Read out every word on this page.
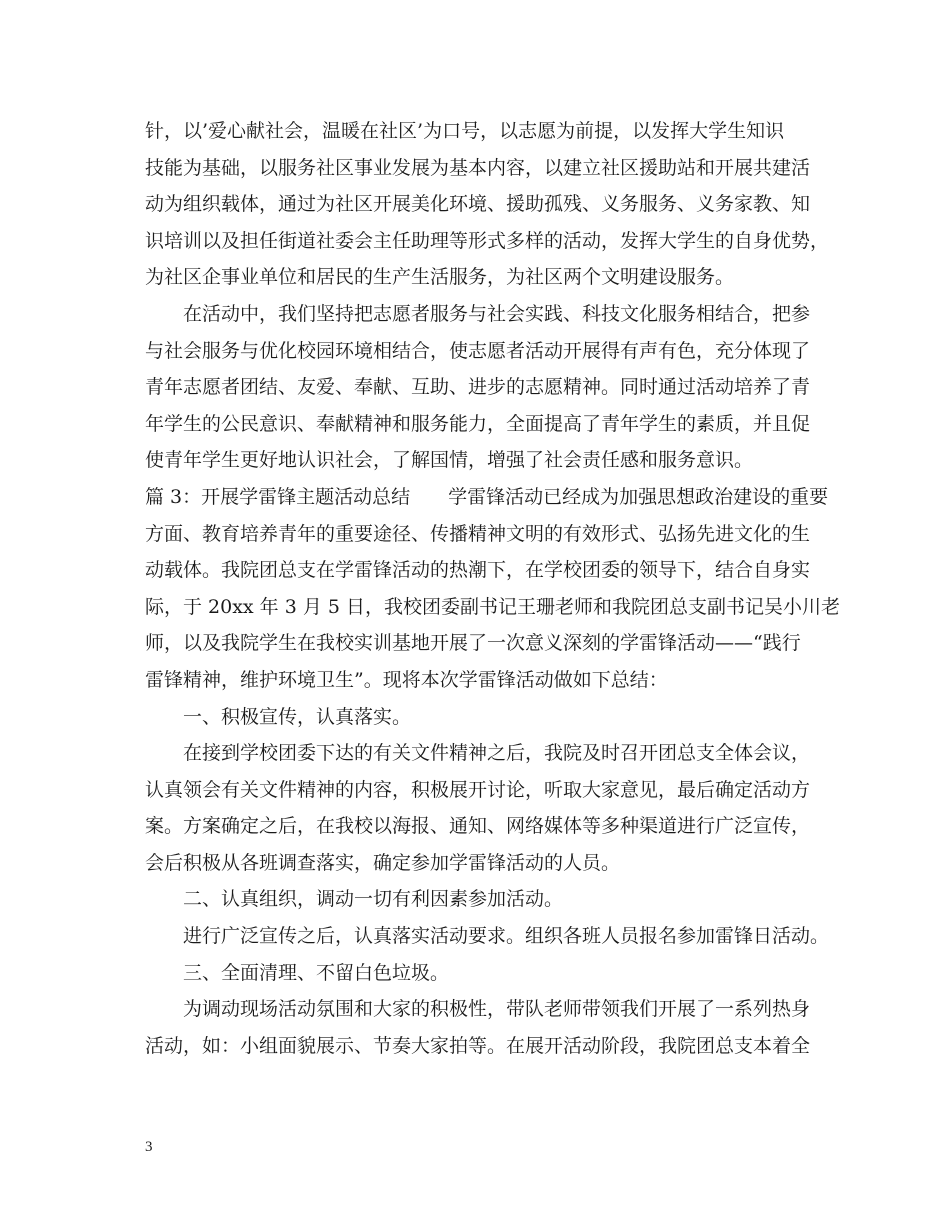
针，以’爱心献社会，温暖在社区’为口号，以志愿为前提，以发挥大学生知识
技能为基础，以服务社区事业发展为基本内容，以建立社区援助站和开展共建活
动为组织载体，通过为社区开展美化环境、援助孤残、义务服务、义务家教、知
识培训以及担任街道社委会主任助理等形式多样的活动，发挥大学生的自身优势，
为社区企事业单位和居民的生产生活服务，为社区两个文明建设服务。
在活动中，我们坚持把志愿者服务与社会实践、科技文化服务相结合，把参
与社会服务与优化校园环境相结合，使志愿者活动开展得有声有色，充分体现了
青年志愿者团结、友爱、奉献、互助、进步的志愿精神。同时通过活动培养了青
年学生的公民意识、奉献精神和服务能力，全面提高了青年学生的素质，并且促
使青年学生更好地认识社会，了解国情，增强了社会责任感和服务意识。
篇 3：开展学雷锋主题活动总结　　学雷锋活动已经成为加强思想政治建设的重要
方面、教育培养青年的重要途径、传播精神文明的有效形式、弘扬先进文化的生
动载体。我院团总支在学雷锋活动的热潮下，在学校团委的领导下，结合自身实
际，于 20xx 年 3 月 5 日，我校团委副书记王珊老师和我院团总支副书记吴小川老
师，以及我院学生在我校实训基地开展了一次意义深刻的学雷锋活动——“践行
雷锋精神，维护环境卫生”。现将本次学雷锋活动做如下总结：
一、积极宣传，认真落实。
在接到学校团委下达的有关文件精神之后，我院及时召开团总支全体会议，
认真领会有关文件精神的内容，积极展开讨论，听取大家意见，最后确定活动方
案。方案确定之后，在我校以海报、通知、网络媒体等多种渠道进行广泛宣传，
会后积极从各班调查落实，确定参加学雷锋活动的人员。
二、认真组织，调动一切有利因素参加活动。
进行广泛宣传之后，认真落实活动要求。组织各班人员报名参加雷锋日活动。
三、全面清理、不留白色垃圾。
为调动现场活动氛围和大家的积极性，带队老师带领我们开展了一系列热身
活动，如：小组面貌展示、节奏大家拍等。在展开活动阶段，我院团总支本着全
3
